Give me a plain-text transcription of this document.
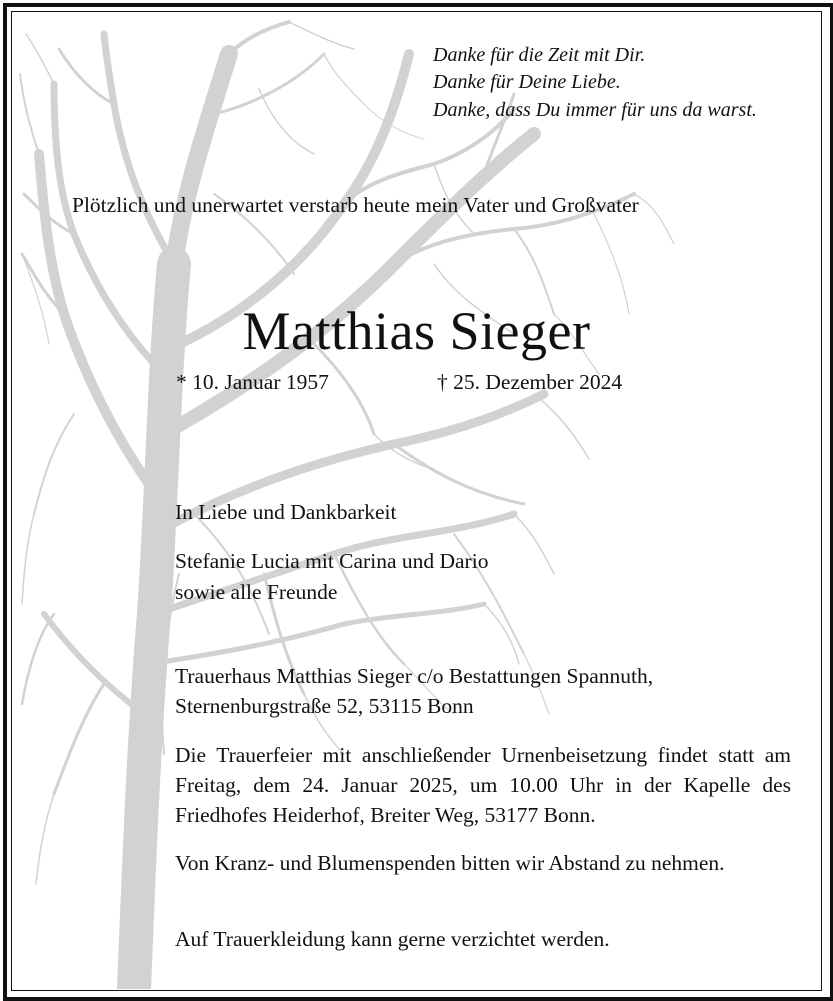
Danke für die Zeit mit Dir.
Danke für Deine Liebe.
Danke, dass Du immer für uns da warst.
Plötzlich und unerwartet verstarb heute mein Vater und Großvater
Matthias Sieger
* 10. Januar 1957	† 25. Dezember 2024
In Liebe und Dankbarkeit
Stefanie Lucia mit Carina und Dario
sowie alle Freunde
Trauerhaus Matthias Sieger c/o Bestattungen Spannuth,
Sternenburgstraße 52, 53115 Bonn
Die Trauerfeier mit anschließender Urnenbeisetzung findet statt am Freitag, dem 24. Januar 2025, um 10.00 Uhr in der Kapelle des Friedhofes Heiderhof, Breiter Weg, 53177 Bonn.
Von Kranz- und Blumenspenden bitten wir Abstand zu nehmen.
Auf Trauerkleidung kann gerne verzichtet werden.
